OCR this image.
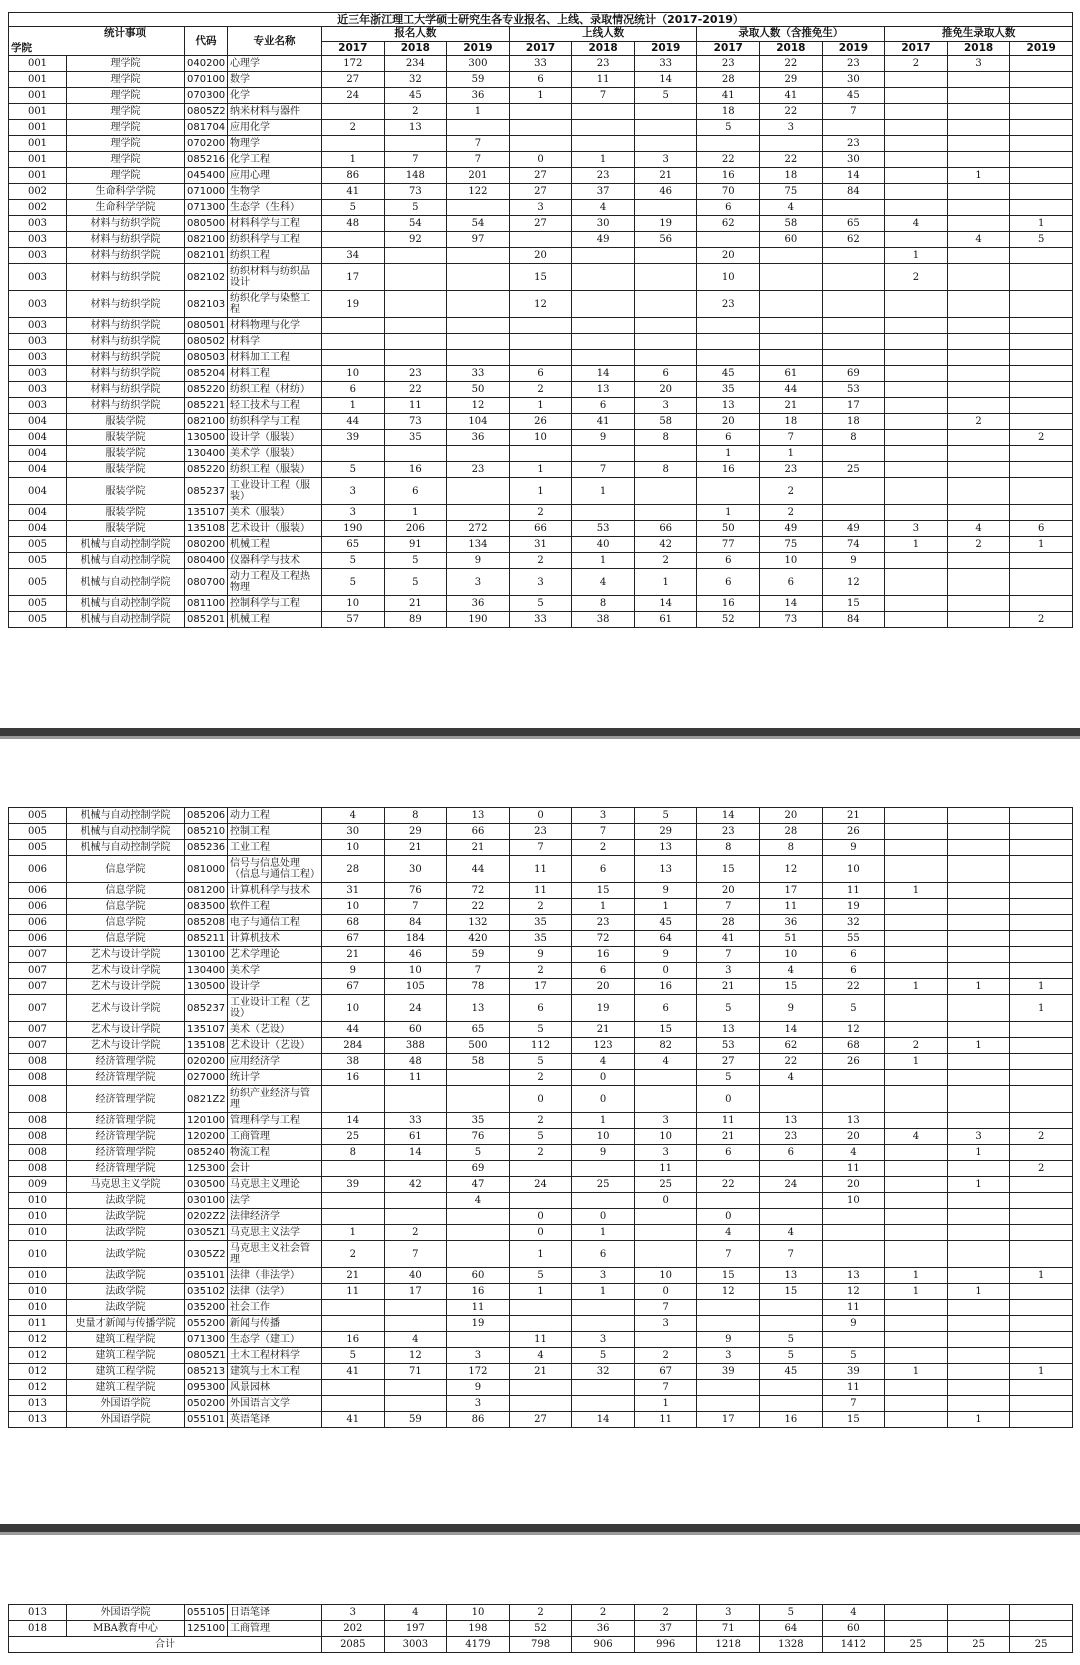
近三年浙江理工大学硕士研究生各专业报名、上线、录取情况统计（2017-2019）															

统计事项
学院		代码	专业名称	报名人数			上线人数			录取人数（含推免生）			推免生录取人数		
				2017	2018	2019	2017	2018	2019	2017	2018	2019	2017	2018	2019
001	理学院	040200	心理学	172	234	300	33	23	33	23	22	23	2	3	
001	理学院	070100	数学	27	32	59	6	11	14	28	29	30			
001	理学院	070300	化学	24	45	36	1	7	5	41	41	45			
001	理学院	0805Z2	纳米材料与器件		2	1				18	22	7			
001	理学院	081704	应用化学	2	13					5	3				
001	理学院	070200	物理学			7						23			
001	理学院	085216	化学工程	1	7	7	0	1	3	22	22	30			
001	理学院	045400	应用心理	86	148	201	27	23	21	16	18	14		1	
002	生命科学学院	071000	生物学	41	73	122	27	37	46	70	75	84			
002	生命科学学院	071300	生态学（生科）	5	5		3	4		6	4				
003	材料与纺织学院	080500	材料科学与工程	48	54	54	27	30	19	62	58	65	4		1
003	材料与纺织学院	082100	纺织科学与工程		92	97		49	56		60	62		4	5
003	材料与纺织学院	082101	纺织工程	34			20			20			1		
003	材料与纺织学院	082102	纺织材料与纺织品设计	17			15			10			2		
003	材料与纺织学院	082103	纺织化学与染整工程	19			12			23					
003	材料与纺织学院	080501	材料物理与化学												
003	材料与纺织学院	080502	材料学												
003	材料与纺织学院	080503	材料加工工程												
003	材料与纺织学院	085204	材料工程	10	23	33	6	14	6	45	61	69			
003	材料与纺织学院	085220	纺织工程（材纺）	6	22	50	2	13	20	35	44	53			
003	材料与纺织学院	085221	轻工技术与工程	1	11	12	1	6	3	13	21	17			
004	服装学院	082100	纺织科学与工程	44	73	104	26	41	58	20	18	18		2	
004	服装学院	130500	设计学（服装）	39	35	36	10	9	8	6	7	8			2
004	服装学院	130400	美术学（服装）							1	1				
004	服装学院	085220	纺织工程（服装）	5	16	23	1	7	8	16	23	25			
004	服装学院	085237	工业设计工程（服装）	3	6		1	1			2				
004	服装学院	135107	美术（服装）	3	1		2			1	2				
004	服装学院	135108	艺术设计（服装）	190	206	272	66	53	66	50	49	49	3	4	6
005	机械与自动控制学院	080200	机械工程	65	91	134	31	40	42	77	75	74	1	2	1
005	机械与自动控制学院	080400	仪器科学与技术	5	5	9	2	1	2	6	10	9			
005	机械与自动控制学院	080700	动力工程及工程热物理	5	5	3	3	4	1	6	6	12			
005	机械与自动控制学院	081100	控制科学与工程	10	21	36	5	8	14	16	14	15			
005	机械与自动控制学院	085201	机械工程	57	89	190	33	38	61	52	73	84			2
005	机械与自动控制学院	085206	动力工程	4	8	13	0	3	5	14	20	21			
005	机械与自动控制学院	085210	控制工程	30	29	66	23	7	29	23	28	26			
005	机械与自动控制学院	085236	工业工程	10	21	21	7	2	13	8	8	9			
006	信息学院	081000	信号与信息处理（信息与通信工程）	28	30	44	11	6	13	15	12	10			
006	信息学院	081200	计算机科学与技术	31	76	72	11	15	9	20	17	11	1		
006	信息学院	083500	软件工程	10	7	22	2	1	1	7	11	19			
006	信息学院	085208	电子与通信工程	68	84	132	35	23	45	28	36	32			
006	信息学院	085211	计算机技术	67	184	420	35	72	64	41	51	55			
007	艺术与设计学院	130100	艺术学理论	21	46	59	9	16	9	7	10	6			
007	艺术与设计学院	130400	美术学	9	10	7	2	6	0	3	4	6			
007	艺术与设计学院	130500	设计学	67	105	78	17	20	16	21	15	22	1	1	1
007	艺术与设计学院	085237	工业设计工程（艺设）	10	24	13	6	19	6	5	9	5			1
007	艺术与设计学院	135107	美术（艺设）	44	60	65	5	21	15	13	14	12			
007	艺术与设计学院	135108	艺术设计（艺设）	284	388	500	112	123	82	53	62	68	2	1	
008	经济管理学院	020200	应用经济学	38	48	58	5	4	4	27	22	26	1		
008	经济管理学院	027000	统计学	16	11		2	0		5	4				
008	经济管理学院	0821Z2	纺织产业经济与管理				0	0		0					
008	经济管理学院	120100	管理科学与工程	14	33	35	2	1	3	11	13	13			
008	经济管理学院	120200	工商管理	25	61	76	5	10	10	21	23	20	4	3	2
008	经济管理学院	085240	物流工程	8	14	5	2	9	3	6	6	4		1	
008	经济管理学院	125300	会计			69			11			11			2
009	马克思主义学院	030500	马克思主义理论	39	42	47	24	25	25	22	24	20		1	
010	法政学院	030100	法学			4			0			10			
010	法政学院	0202Z2	法律经济学				0	0		0					
010	法政学院	0305Z1	马克思主义法学	1	2		0	1		4	4				
010	法政学院	0305Z2	马克思主义社会管理	2	7		1	6		7	7				
010	法政学院	035101	法律（非法学）	21	40	60	5	3	10	15	13	13	1		1
010	法政学院	035102	法律（法学）	11	17	16	1	1	0	12	15	12	1	1	
010	法政学院	035200	社会工作			11			7			11			
011	史量才新闻与传播学院	055200	新闻与传播			19			3			9			
012	建筑工程学院	071300	生态学（建工）	16	4		11	3		9	5				
012	建筑工程学院	0805Z1	土木工程材料学	5	12	3	4	5	2	3	5	5			
012	建筑工程学院	085213	建筑与土木工程	41	71	172	21	32	67	39	45	39	1		1
012	建筑工程学院	095300	风景园林			9			7			11			
013	外国语学院	050200	外国语言文学			3			1			7			
013	外国语学院	055101	英语笔译	41	59	86	27	14	11	17	16	15		1	
013	外国语学院	055105	日语笔译	3	4	10	2	2	2	3	5	4			
018	MBA教育中心	125100	工商管理	202	197	198	52	36	37	71	64	60			
合计				2085	3003	4179	798	906	996	1218	1328	1412	25	25	25
